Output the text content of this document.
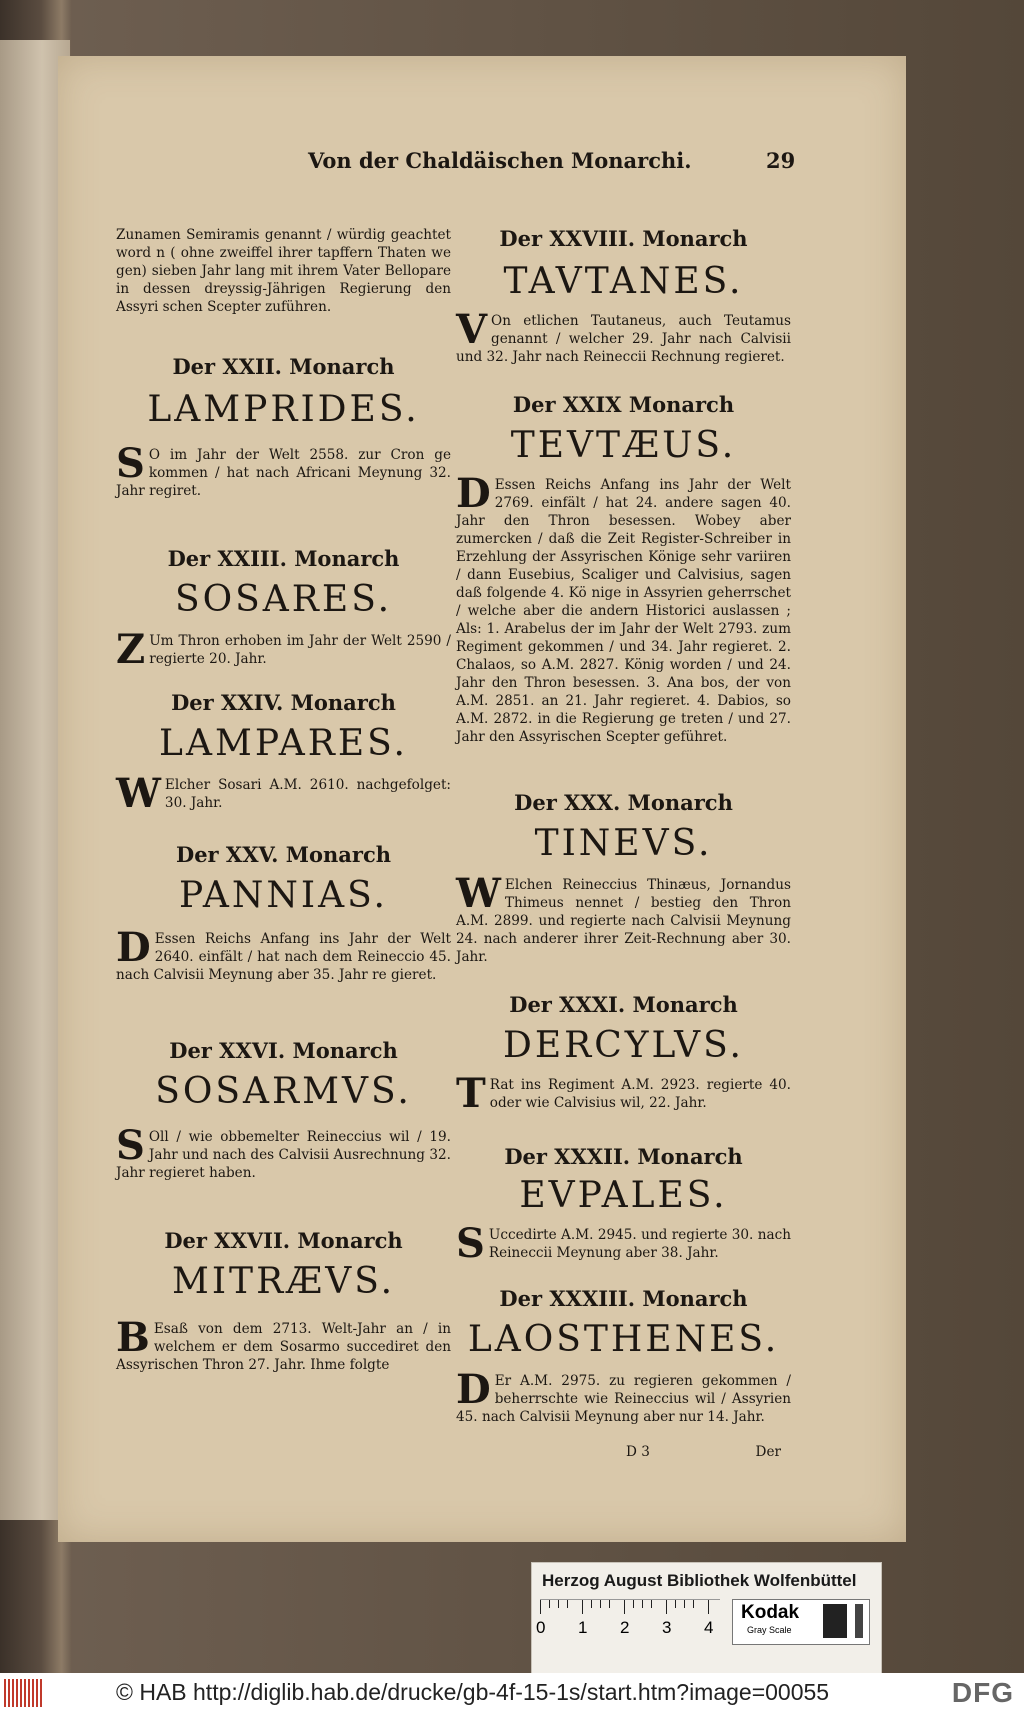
Von der Chaldäischen Monarchi.	29

Zunamen Semiramis genannt / würdig geachtet word n ( ohne zweiffel ihrer tapffern Thaten we gen) sieben Jahr lang mit ihrem Vater Bellopare in dessen dreyssig-Jährigen Regierung den Assyri schen Scepter zuführen.

Der XXII. Monarch

LAMPRIDES.

S O im Jahr der Welt 2558. zur Cron ge kommen / hat nach Africani Meynung 32. Jahr regiret.

Der XXIII. Monarch

SOSARES.

Z Um Thron erhoben im Jahr der Welt 2590 / regierte 20. Jahr.

Der XXIV. Monarch

LAMPARES.

W Elcher Sosari A.M. 2610. nachgefolget: 30. Jahr.

Der XXV. Monarch

PANNIAS.

D Essen Reichs Anfang ins Jahr der Welt 2640. einfält / hat nach dem Reineccio 45. nach Calvisii Meynung aber 35. Jahr re gieret.

Der XXVI. Monarch

SOSARMVS.

S Oll / wie obbemelter Reineccius wil / 19. Jahr und nach des Calvisii Ausrechnung 32. Jahr regieret haben.

Der XXVII. Monarch

MITRÆVS.

B Esaß von dem 2713. Welt-Jahr an / in welchem er dem Sosarmo succediret den Assyrischen Thron 27. Jahr. Ihme folgte

Der XXVIII. Monarch

TAVTANES.

V On etlichen Tautaneus, auch Teutamus genannt / welcher 29. Jahr nach Calvisii und 32. Jahr nach Reineccii Rechnung regieret.

Der XXIX Monarch

TEVTÆUS.

D Essen Reichs Anfang ins Jahr der Welt 2769. einfält / hat 24. andere sagen 40. Jahr den Thron besessen. Wobey aber zumercken / daß die Zeit Register-Schreiber in Erzehlung der Assyrischen Könige sehr variiren / dann Eusebius, Scaliger und Calvisius, sagen daß folgende 4. Kö nige in Assyrien geherrschet / welche aber die andern Historici auslassen ; Als: 1. Arabelus der im Jahr der Welt 2793. zum Regiment gekommen / und 34. Jahr regieret. 2. Chalaos, so A.M. 2827. König worden / und 24. Jahr den Thron besessen. 3. Ana bos, der von A.M. 2851. an 21. Jahr regieret. 4. Dabios, so A.M. 2872. in die Regierung ge treten / und 27. Jahr den Assyrischen Scepter geführet.

Der XXX. Monarch

TINEVS.

W Elchen Reineccius Thinæus, Jornandus Thimeus nennet / bestieg den Thron A.M. 2899. und regierte nach Calvisii Meynung 24. nach anderer ihrer Zeit-Rechnung aber 30. Jahr.

Der XXXI. Monarch

DERCYLVS.

T Rat ins Regiment A.M. 2923. regierte 40. oder wie Calvisius wil, 22. Jahr.

Der XXXII. Monarch

EVPALES.

S Uccedirte A.M. 2945. und regierte 30. nach Reineccii Meynung aber 38. Jahr.

Der XXXIII. Monarch

LAOSTHENES.

D Er A.M. 2975. zu regieren gekommen / beherrschte wie Reineccius wil / Assyrien 45. nach Calvisii Meynung aber nur 14. Jahr.

D 3	Der
Herzog August Bibliothek Wolfenbüttel
0 1 2 3 4
Kodak
Gray Scale
© HAB http://diglib.hab.de/drucke/gb-4f-15-1s/start.htm?image=00055	DFG
